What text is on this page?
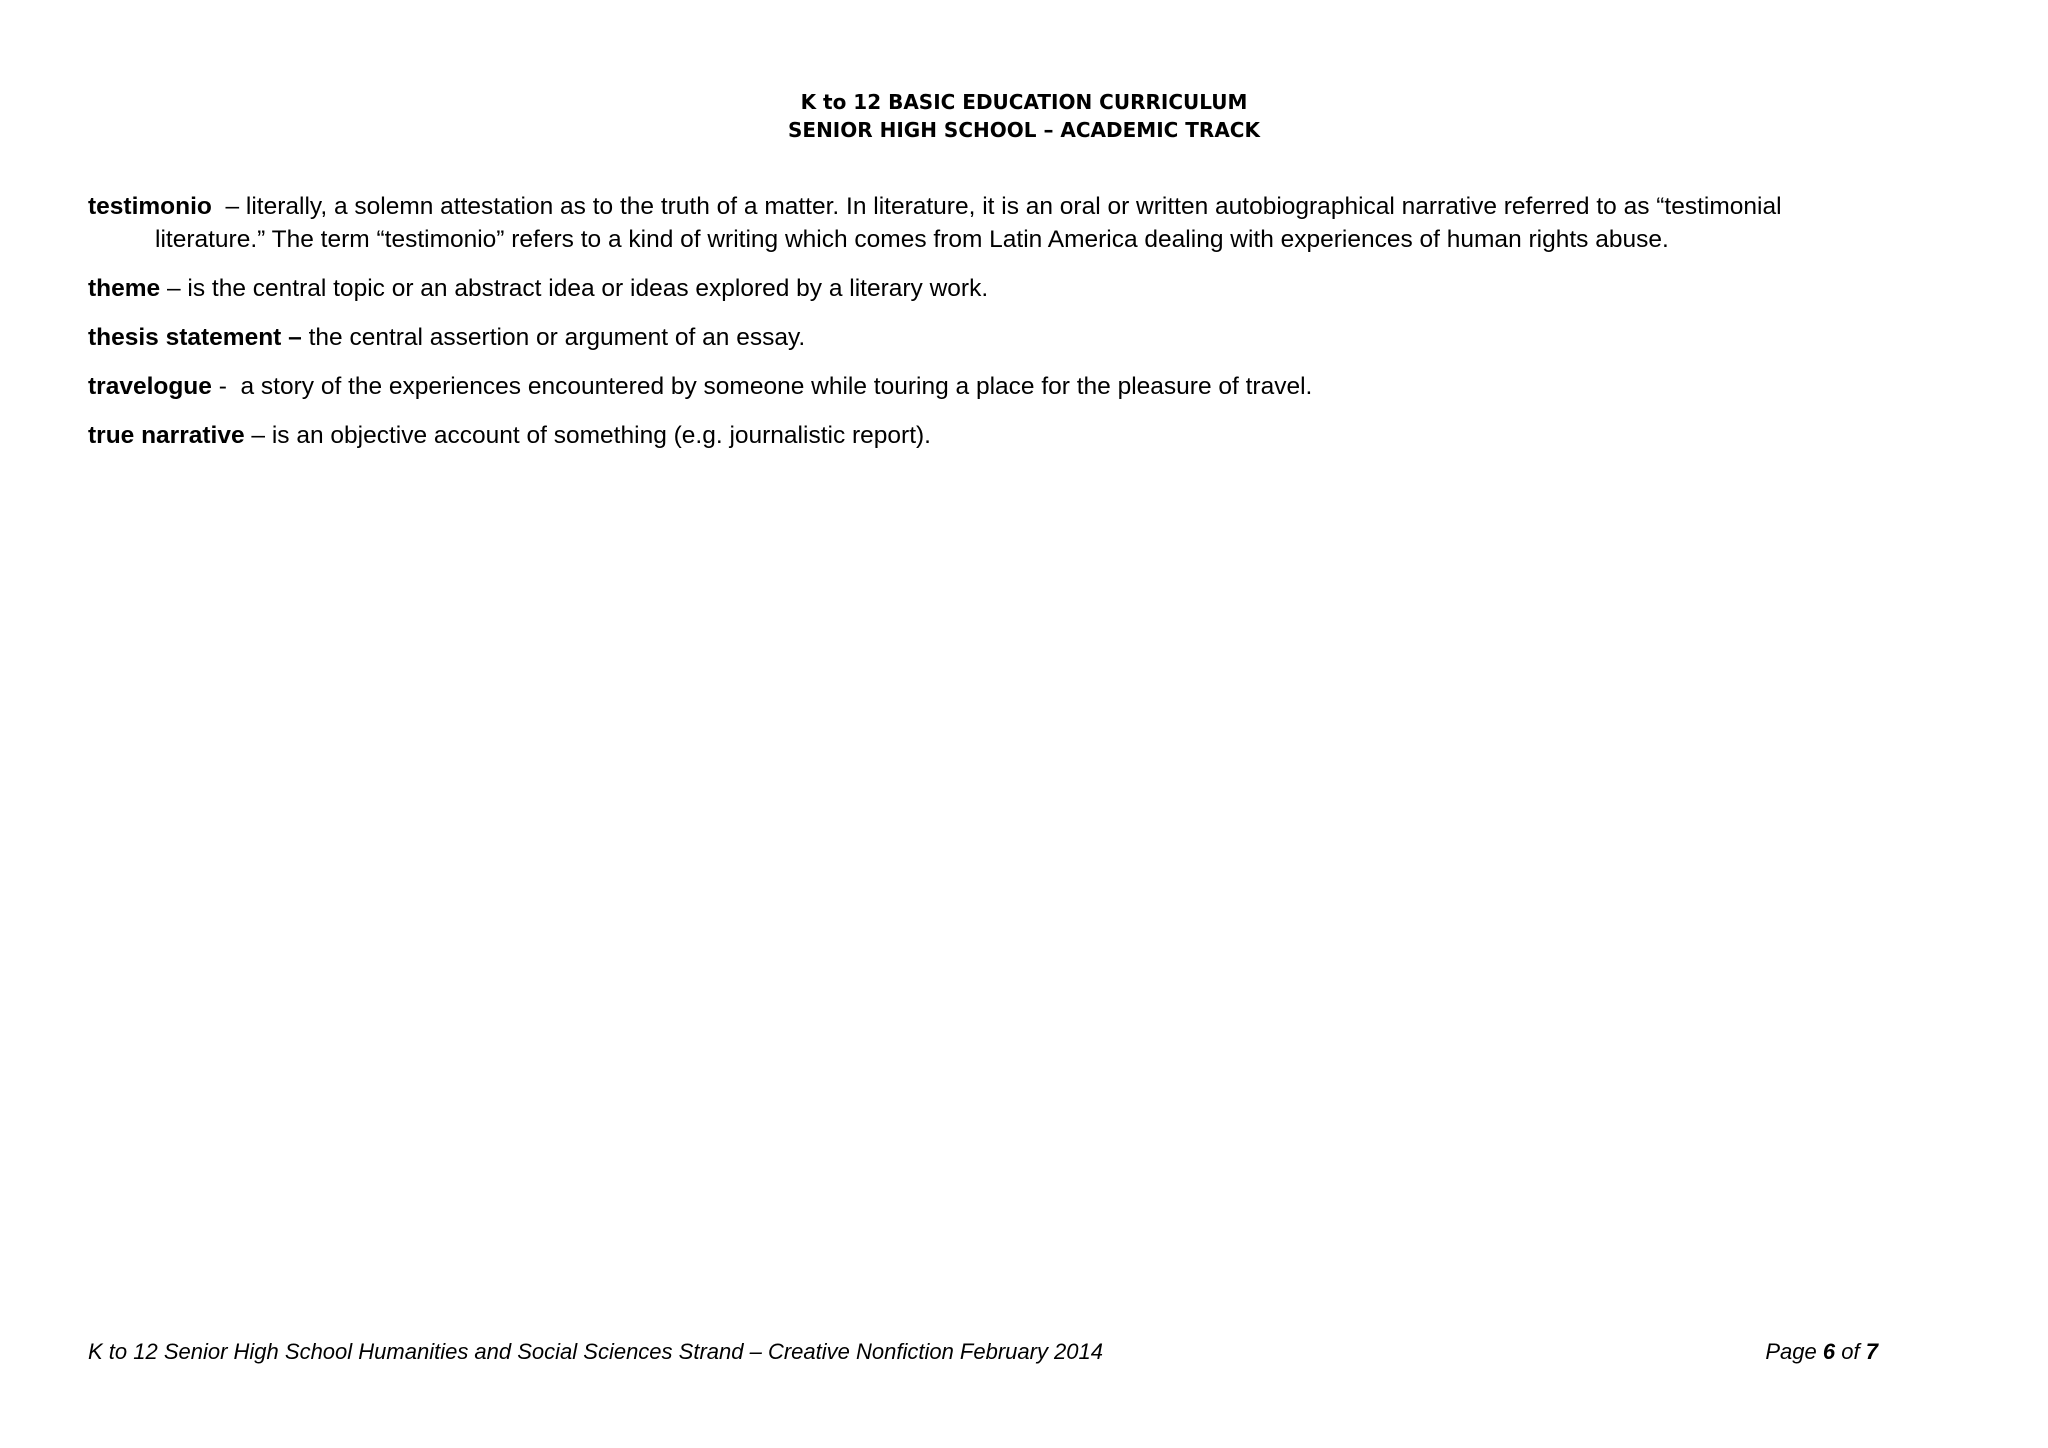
K to 12 BASIC EDUCATION CURRICULUM
SENIOR HIGH SCHOOL – ACADEMIC TRACK

testimonio  – literally, a solemn attestation as to the truth of a matter. In literature, it is an oral or written autobiographical narrative referred to as “testimonial literature.” The term “testimonio” refers to a kind of writing which comes from Latin America dealing with experiences of human rights abuse.

theme – is the central topic or an abstract idea or ideas explored by a literary work.

thesis statement – the central assertion or argument of an essay.

travelogue -  a story of the experiences encountered by someone while touring a place for the pleasure of travel.

true narrative – is an objective account of something (e.g. journalistic report).

K to 12 Senior High School Humanities and Social Sciences Strand – Creative Nonfiction February 2014	Page 6 of 7
